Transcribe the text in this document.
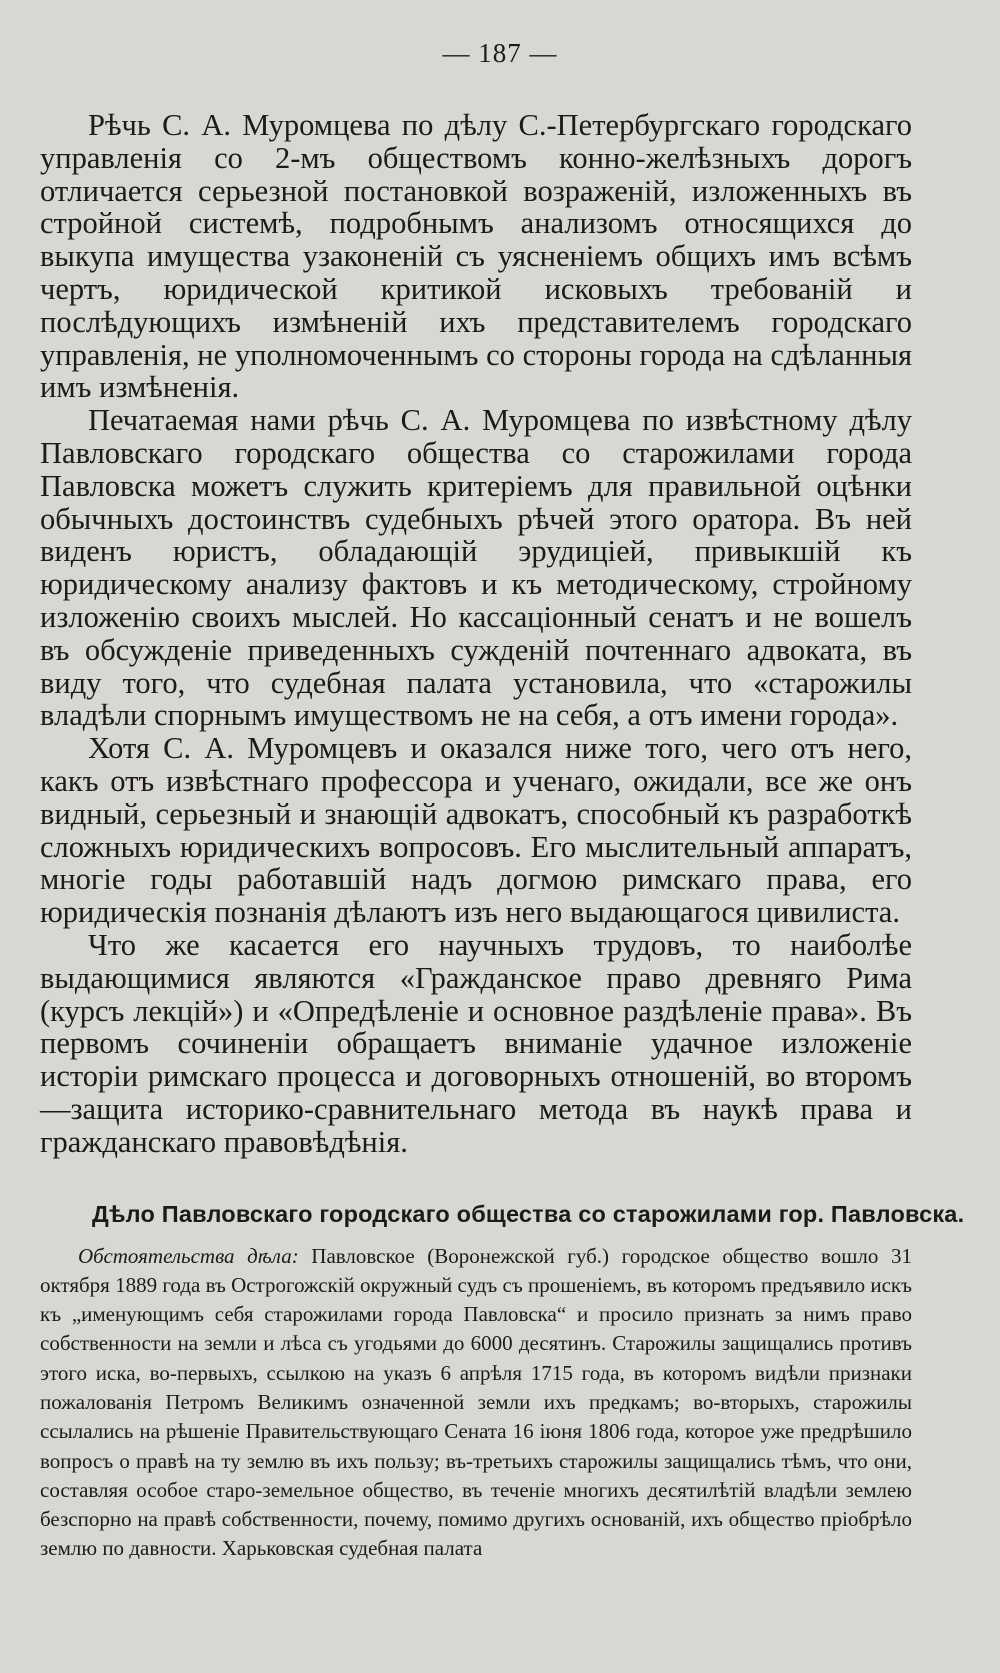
— 187 —

Рѣчь С. А. Муромцева по дѣлу С.-Петербургскаго городскаго управленія со 2-мъ обществомъ конно-желѣзныхъ дорогъ отличается серьезной постановкой возраженій, изложенныхъ въ стройной системѣ, подробнымъ анализомъ относящихся до выкупа имущества узаконеній съ уясненіемъ общихъ имъ всѣмъ чертъ, юридической критикой исковыхъ требованій и послѣдующихъ измѣненій ихъ представителемъ городскаго управленія, не уполномоченнымъ со стороны города на сдѣланныя имъ измѣненія.

Печатаемая нами рѣчь С. А. Муромцева по извѣстному дѣлу Павловскаго городскаго общества со старожилами города Павловска можетъ служить критеріемъ для правильной оцѣнки обычныхъ достоинствъ судебныхъ рѣчей этого оратора. Въ ней виденъ юристъ, обладающій эрудиціей, привыкшій къ юридическому анализу фактовъ и къ методическому, стройному изложенію своихъ мыслей. Но кассаціонный сенатъ и не вошелъ въ обсужденіе приведенныхъ сужденій почтеннаго адвоката, въ виду того, что судебная палата установила, что «старожилы владѣли спорнымъ имуществомъ не на себя, а отъ имени города».

Хотя С. А. Муромцевъ и оказался ниже того, чего отъ него, какъ отъ извѣстнаго профессора и ученаго, ожидали, все же онъ видный, серьезный и знающій адвокатъ, способный къ разработкѣ сложныхъ юридическихъ вопросовъ. Его мыслительный аппаратъ, многіе годы работавшій надъ догмою римскаго права, его юридическія познанія дѣлаютъ изъ него выдающагося цивилиста.

Что же касается его научныхъ трудовъ, то наиболѣе выдающимися являются «Гражданское право древняго Рима (курсъ лекцій») и «Опредѣленіе и основное раздѣленіе права». Въ первомъ сочиненіи обращаетъ вниманіе удачное изложеніе исторіи римскаго процесса и договорныхъ отношеній, во второмъ—защита историко-сравнительнаго метода въ наукѣ права и гражданскаго правовѣдѣнія.

Дѣло Павловскаго городскаго общества со старожилами гор. Павловска.

Обстоятельства дѣла: Павловское (Воронежской губ.) городское общество вошло 31 октября 1889 года въ Острогожскій окружный судъ съ прошеніемъ, въ которомъ предъявило искъ къ „именующимъ себя старожилами города Павловска“ и просило признать за нимъ право собственности на земли и лѣса съ угодьями до 6000 десятинъ. Старожилы защищались противъ этого иска, во-первыхъ, ссылкою на указъ 6 апрѣля 1715 года, въ которомъ видѣли признаки пожалованія Петромъ Великимъ означенной земли ихъ предкамъ; во-вторыхъ, старожилы ссылались на рѣшеніе Правительствующаго Сената 16 іюня 1806 года, которое уже предрѣшило вопросъ о правѣ на ту землю въ ихъ пользу; въ-третьихъ старожилы защищались тѣмъ, что они, составляя особое старо-земельное общество, въ теченіе многихъ десятилѣтій владѣли землею безспорно на правѣ собственности, почему, помимо другихъ основаній, ихъ общество пріобрѣло землю по давности. Харьковская судебная палата
